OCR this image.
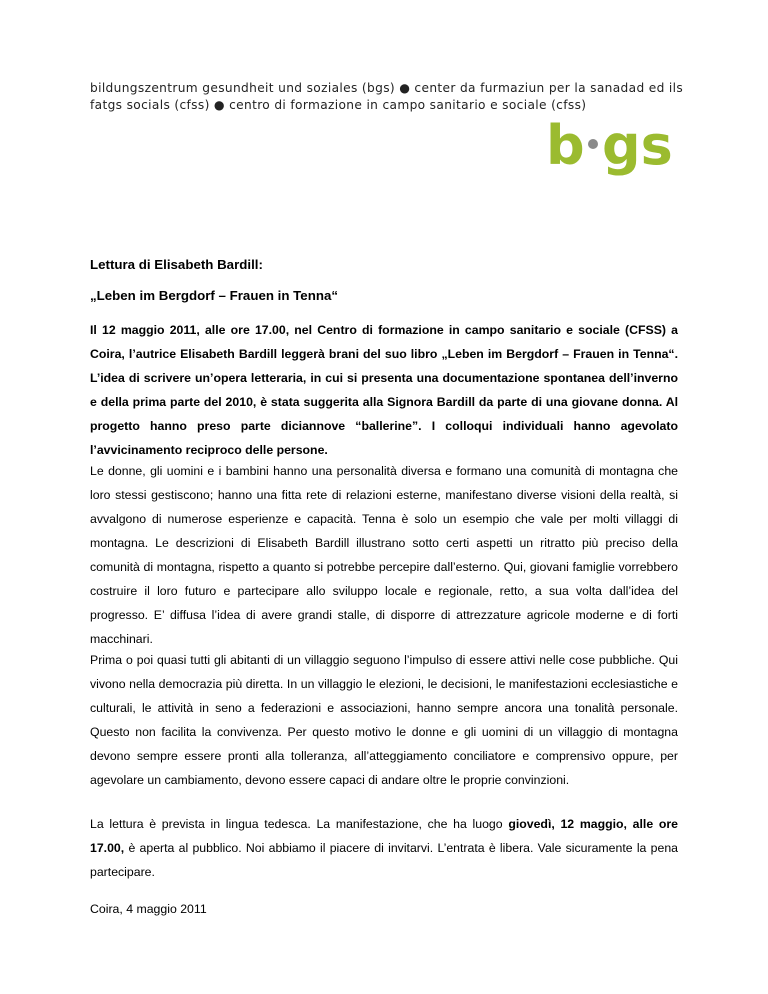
bildungszentrum gesundheit und soziales (bgs) ● center da furmaziun per la sanadad ed ils
fatgs socials (cfss) ● centro di formazione in campo sanitario e sociale (cfss)
b gs
Lettura di Elisabeth Bardill:
„Leben im Bergdorf – Frauen in Tenna“

Il 12 maggio 2011, alle ore 17.00, nel Centro di formazione in campo sanitario e sociale (CFSS) a Coira, l’autrice Elisabeth Bardill leggerà brani del suo libro „Leben im Bergdorf – Frauen in Tenna“. L’idea di scrivere un’opera letteraria, in cui si presenta una documentazione spontanea dell’inverno e della prima parte del 2010, è stata suggerita alla Signora Bardill da parte di una giovane donna. Al progetto hanno preso parte diciannove “ballerine”. I colloqui individuali hanno agevolato l’avvicinamento reciproco delle persone.

Le donne, gli uomini e i bambini hanno una personalità diversa e formano una comunità di montagna che loro stessi gestiscono; hanno una fitta rete di relazioni esterne, manifestano diverse visioni della realtà, si avvalgono di numerose esperienze e capacità. Tenna è solo un esempio che vale per molti villaggi di montagna. Le descrizioni di Elisabeth Bardill illustrano sotto certi aspetti un ritratto più preciso della comunità di montagna, rispetto a quanto si potrebbe percepire dall’esterno. Qui, giovani famiglie vorrebbero costruire il loro futuro e partecipare allo sviluppo locale e regionale, retto, a sua volta dall’idea del progresso. E’ diffusa l’idea di avere grandi stalle, di disporre di attrezzature agricole moderne e di forti macchinari.

Prima o poi quasi tutti gli abitanti di un villaggio seguono l’impulso di essere attivi nelle cose pubbliche. Qui vivono nella democrazia più diretta. In un villaggio le elezioni, le decisioni, le manifestazioni ecclesiastiche e culturali, le attività in seno a federazioni e associazioni, hanno sempre ancora una tonalità personale. Questo non facilita la convivenza. Per questo motivo le donne e gli uomini di un villaggio di montagna devono sempre essere pronti alla tolleranza, all’atteggiamento conciliatore e comprensivo oppure, per agevolare un cambiamento, devono essere capaci di andare oltre le proprie convinzioni.

La lettura è prevista in lingua tedesca. La manifestazione, che ha luogo giovedì, 12 maggio, alle ore 17.00, è aperta al pubblico. Noi abbiamo il piacere di invitarvi. L’entrata è libera. Vale sicuramente la pena partecipare.

Coira, 4 maggio 2011
